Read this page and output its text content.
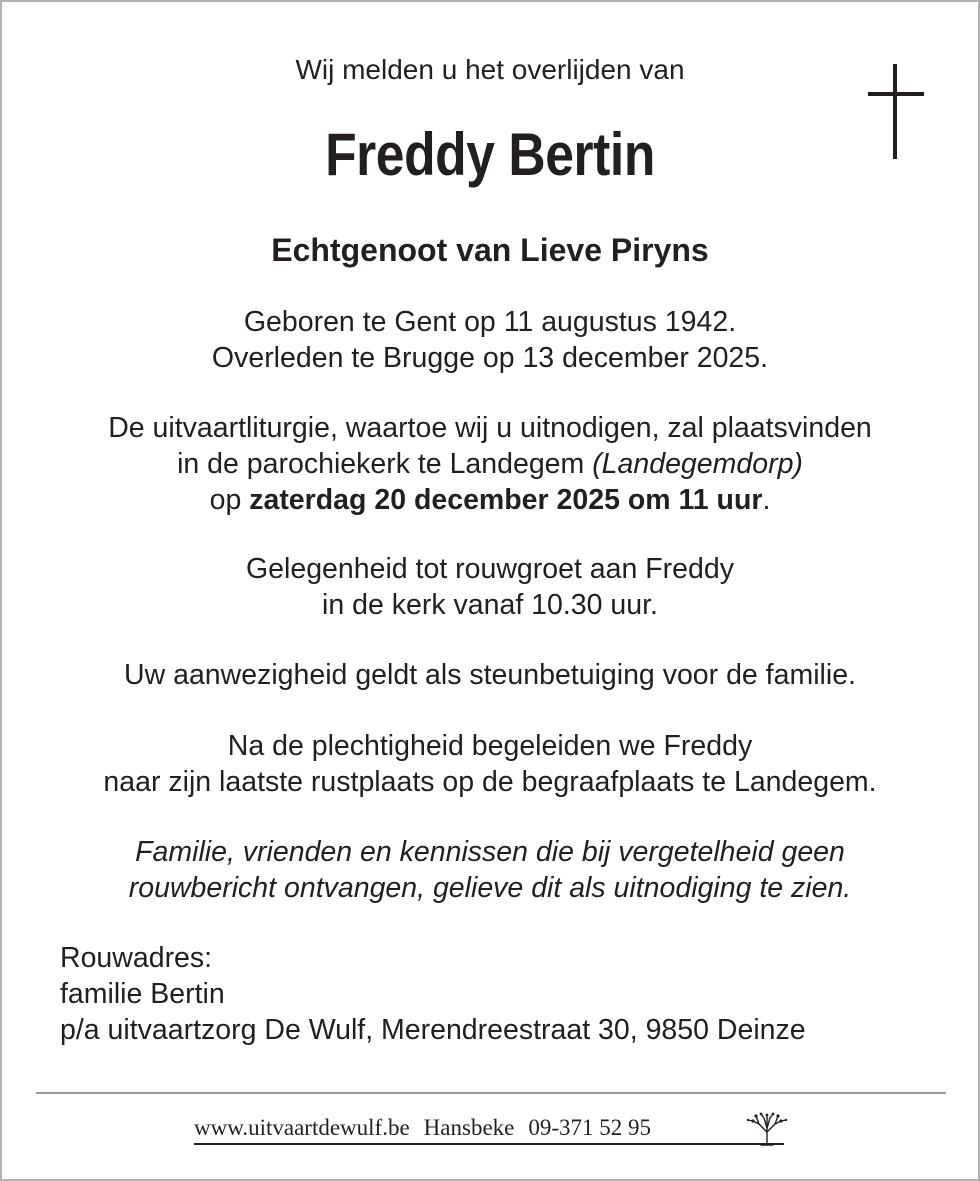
Wij melden u het overlijden van
Freddy Bertin
Echtgenoot van Lieve Piryns
Geboren te Gent op 11 augustus 1942.
Overleden te Brugge op 13 december 2025.
De uitvaartliturgie, waartoe wij u uitnodigen, zal plaatsvinden
in de parochiekerk te Landegem (Landegemdorp)
op zaterdag 20 december 2025 om 11 uur.
Gelegenheid tot rouwgroet aan Freddy
in de kerk vanaf 10.30 uur.
Uw aanwezigheid geldt als steunbetuiging voor de familie.
Na de plechtigheid begeleiden we Freddy
naar zijn laatste rustplaats op de begraafplaats te Landegem.
Familie, vrienden en kennissen die bij vergetelheid geen
rouwbericht ontvangen, gelieve dit als uitnodiging te zien.
Rouwadres:
familie Bertin
p/a uitvaartzorg De Wulf, Merendreestraat 30, 9850 Deinze
www.uitvaartdewulf.be Hansbeke 09-371 52 95
